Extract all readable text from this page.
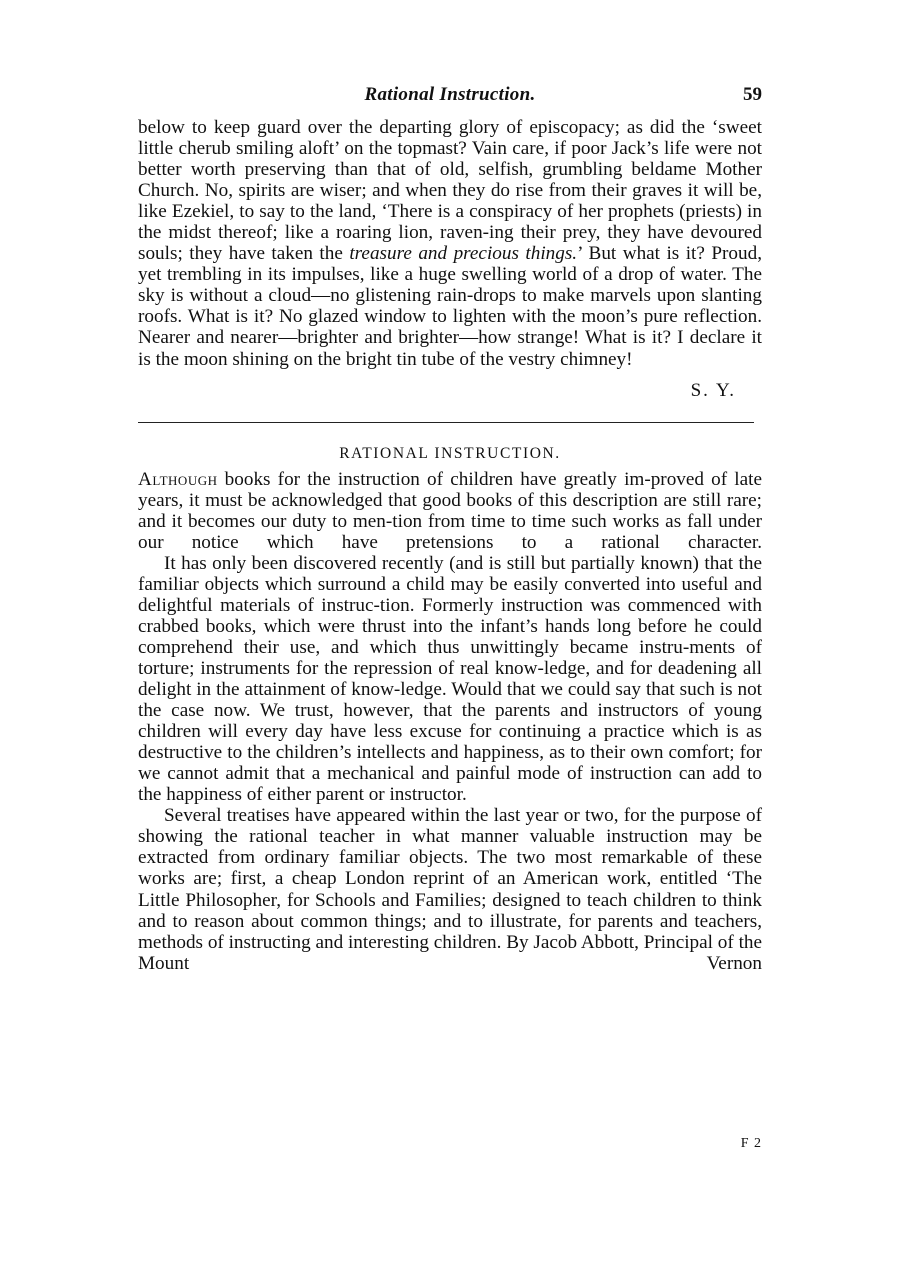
Rational Instruction.	59

below to keep guard over the departing glory of episcopacy; as did the ‘sweet little cherub smiling aloft’ on the topmast? Vain care, if poor Jack’s life were not better worth preserving than that of old, selfish, grumbling beldame Mother Church. No, spirits are wiser; and when they do rise from their graves it will be, like Ezekiel, to say to the land, ‘There is a conspiracy of her prophets (priests) in the midst thereof; like a roaring lion, raven-ing their prey, they have devoured souls; they have taken the treasure and precious things.’ But what is it? Proud, yet trembling in its impulses, like a huge swelling world of a drop of water. The sky is without a cloud—no glistening rain-drops to make marvels upon slanting roofs. What is it? No glazed window to lighten with the moon’s pure reflection. Nearer and nearer—brighter and brighter—how strange! What is it? I declare it is the moon shining on the bright tin tube of the vestry chimney!

S. Y.
RATIONAL INSTRUCTION.

Although books for the instruction of children have greatly im-proved of late years, it must be acknowledged that good books of this description are still rare; and it becomes our duty to men-tion from time to time such works as fall under our notice which have pretensions to a rational character.

It has only been discovered recently (and is still but partially known) that the familiar objects which surround a child may be easily converted into useful and delightful materials of instruc-tion. Formerly instruction was commenced with crabbed books, which were thrust into the infant’s hands long before he could comprehend their use, and which thus unwittingly became instru-ments of torture; instruments for the repression of real know-ledge, and for deadening all delight in the attainment of know-ledge. Would that we could say that such is not the case now. We trust, however, that the parents and instructors of young children will every day have less excuse for continuing a practice which is as destructive to the children’s intellects and happiness, as to their own comfort; for we cannot admit that a mechanical and painful mode of instruction can add to the happiness of either parent or instructor.

Several treatises have appeared within the last year or two, for the purpose of showing the rational teacher in what manner valuable instruction may be extracted from ordinary familiar objects. The two most remarkable of these works are; first, a cheap London reprint of an American work, entitled ‘The Little Philosopher, for Schools and Families; designed to teach children to think and to reason about common things; and to illustrate, for parents and teachers, methods of instructing and interesting children. By Jacob Abbott, Principal of the Mount Vernon

F 2
